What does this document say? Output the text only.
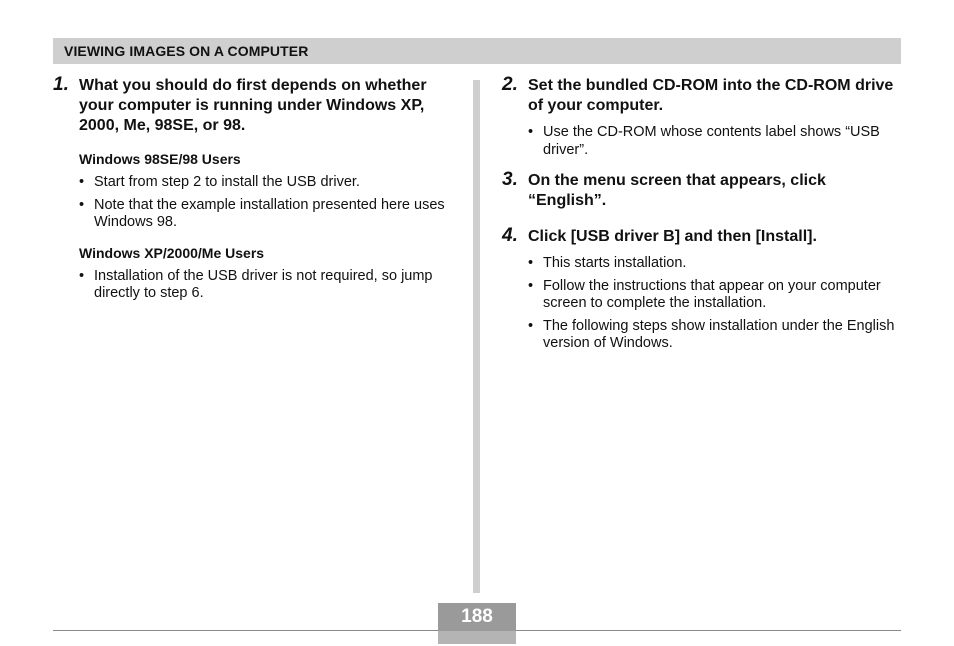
VIEWING IMAGES ON A COMPUTER
1. What you should do first depends on whether your computer is running under Windows XP, 2000, Me, 98SE, or 98.
Windows 98SE/98 Users
• Start from step 2 to install the USB driver.
• Note that the example installation presented here uses Windows 98.
Windows XP/2000/Me Users
• Installation of the USB driver is not required, so jump directly to step 6.
2. Set the bundled CD-ROM into the CD-ROM drive of your computer.
• Use the CD-ROM whose contents label shows “USB driver”.
3. On the menu screen that appears, click “English”.
4. Click [USB driver B] and then [Install].
• This starts installation.
• Follow the instructions that appear on your computer screen to complete the installation.
• The following steps show installation under the English version of Windows.
188
